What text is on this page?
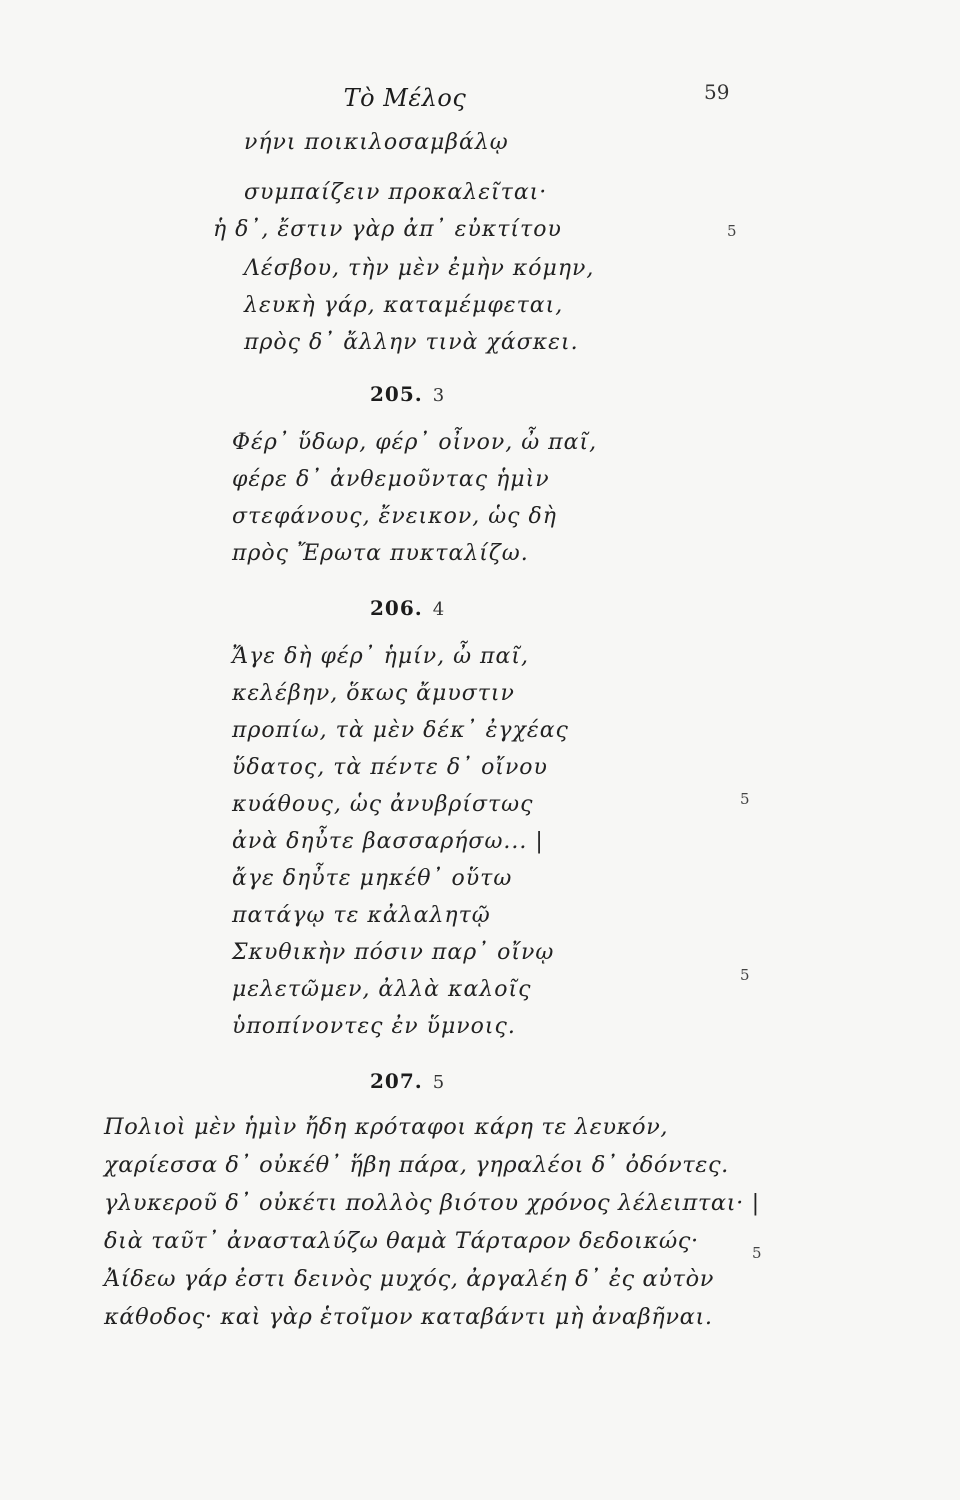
Τὸ Μέλος	59
νήνι ποικιλοσαμβάλῳ
συμπαίζειν προκαλεῖται·
ἡ δ᾽, ἔστιν γὰρ ἀπ᾽ εὐκτίτου	5
Λέσβου, τὴν μὲν ἐμὴν κόμην,
λευκὴ γάρ, καταμέμφεται,
πρὸς δ᾽ ἄλλην τινὰ χάσκει.
205. 3
Φέρ᾽ ὕδωρ, φέρ᾽ οἶνον, ὦ παῖ,
φέρε δ᾽ ἀνθεμοῦντας ἡμὶν
στεφάνους, ἔνεικον, ὡς δὴ
πρὸς Ἔρωτα πυκταλίζω.
206. 4
Ἄγε δὴ φέρ᾽ ἡμίν, ὦ παῖ,
κελέβην, ὅκως ἄμυστιν
προπίω, τὰ μὲν δέκ᾽ ἐγχέας
ὕδατος, τὰ πέντε δ᾽ οἴνου
κυάθους, ὡς ἀνυβρίστως	5
ἀνὰ δηὖτε βασσαρήσω... |
ἄγε δηὖτε μηκέθ᾽ οὕτω
πατάγῳ τε κἀλαλητῷ
Σκυθικὴν πόσιν παρ᾽ οἴνῳ
μελετῶμεν, ἀλλὰ καλοῖς
5
ὑποπίνοντες ἐν ὕμνοις.
207. 5
Πολιοὶ μὲν ἡμὶν ἤδη κρόταφοι κάρη τε λευκόν,
χαρίεσσα δ᾽ οὐκέθ᾽ ἥβη πάρα, γηραλέοι δ᾽ ὀδόντες.
γλυκεροῦ δ᾽ οὐκέτι πολλὸς βιότου χρόνος λέλειπται· |
διὰ ταῦτ᾽ ἀνασταλύζω θαμὰ Τάρταρον δεδοικώς·
Ἀίδεω γάρ ἐστι δεινὸς μυχός, ἀργαλέη δ᾽ ἐς αὐτὸν
5
κάθοδος· καὶ γὰρ ἑτοῖμον καταβάντι μὴ ἀναβῆναι.
